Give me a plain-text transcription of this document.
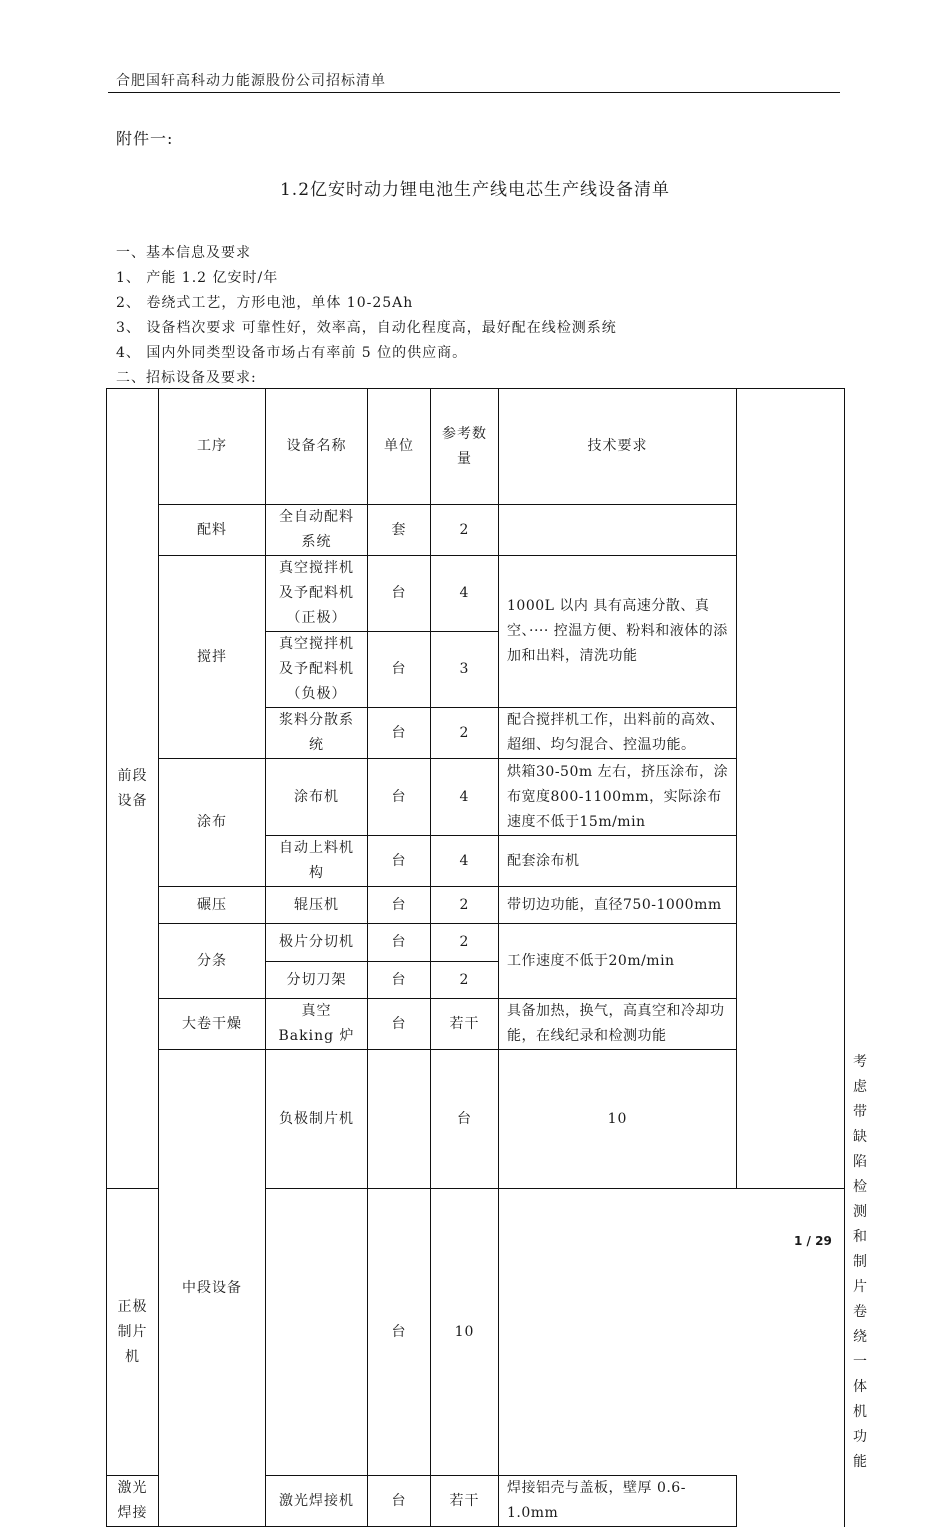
合肥国轩高科动力能源股份公司招标清单
附件一:
1.2亿安时动力锂电池生产线电芯生产线设备清单
一、基本信息及要求
1、 产能 1.2 亿安时/年
2、 卷绕式工艺，方形电池，单体 10-25Ah
3、 设备档次要求 可靠性好，效率高，自动化程度高，最好配在线检测系统
4、 国内外同类型设备市场占有率前 5 位的供应商。
二、招标设备及要求:
前段设备	工序	设备名称	单位	参考数量	技术要求		
	配料	全自动配料系统	套	2			
	搅拌	真空搅拌机及予配料机（正极）	台	4	1000L 以内 具有高速分散、真空、···· 控温方便、粉料和液体的添加和出料，清洗功能		
		真空搅拌机及予配料机（负极）	台	3			
		浆料分散系统	台	2	配合搅拌机工作，出料前的高效、超细、均匀混合、控温功能。		
	涂布	涂布机	台	4	烘箱30-50m 左右，挤压涂布，涂布宽度800-1100mm，实际涂布速度不低于15m/min		
		自动上料机构	台	4	配套涂布机		
	碾压	辊压机	台	2	带切边功能，直径750-1000mm		
	分条	极片分切机	台	2	工作速度不低于20m/min		
		分切刀架	台	2			
	大卷干燥	真空 Baking 炉	台	若干	具备加热，换气，高真空和冷却功能，在线纪录和检测功能		
	中段设备	负极制片机		台	10		考虑带缺陷检测和制片卷绕一体机功能	
正极制片机			台	10			
激光焊接		激光焊接机	台	若干	焊接铝壳与盖板，壁厚 0.6-1.0mm		
1 / 29
